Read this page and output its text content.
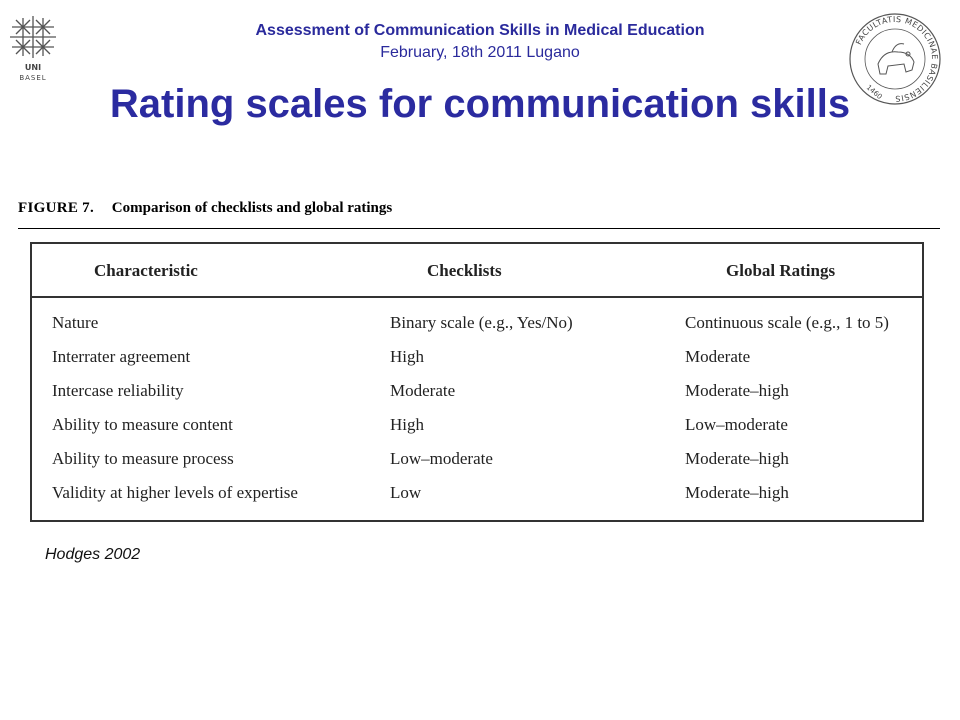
UNI
BASEL
FACULTATIS MEDICINAE BASILIENSIS
1460
Assessment of Communication Skills in Medical Education
February, 18th 2011 Lugano
Rating scales for communication skills
FIGURE 7. Comparison of checklists and global ratings
Characteristic	Checklists	Global Ratings
Nature	Binary scale (e.g., Yes/No)	Continuous scale (e.g., 1 to 5)
Interrater agreement	High	Moderate
Intercase reliability	Moderate	Moderate–high
Ability to measure content	High	Low–moderate
Ability to measure process	Low–moderate	Moderate–high
Validity at higher levels of expertise	Low	Moderate–high
Hodges 2002
